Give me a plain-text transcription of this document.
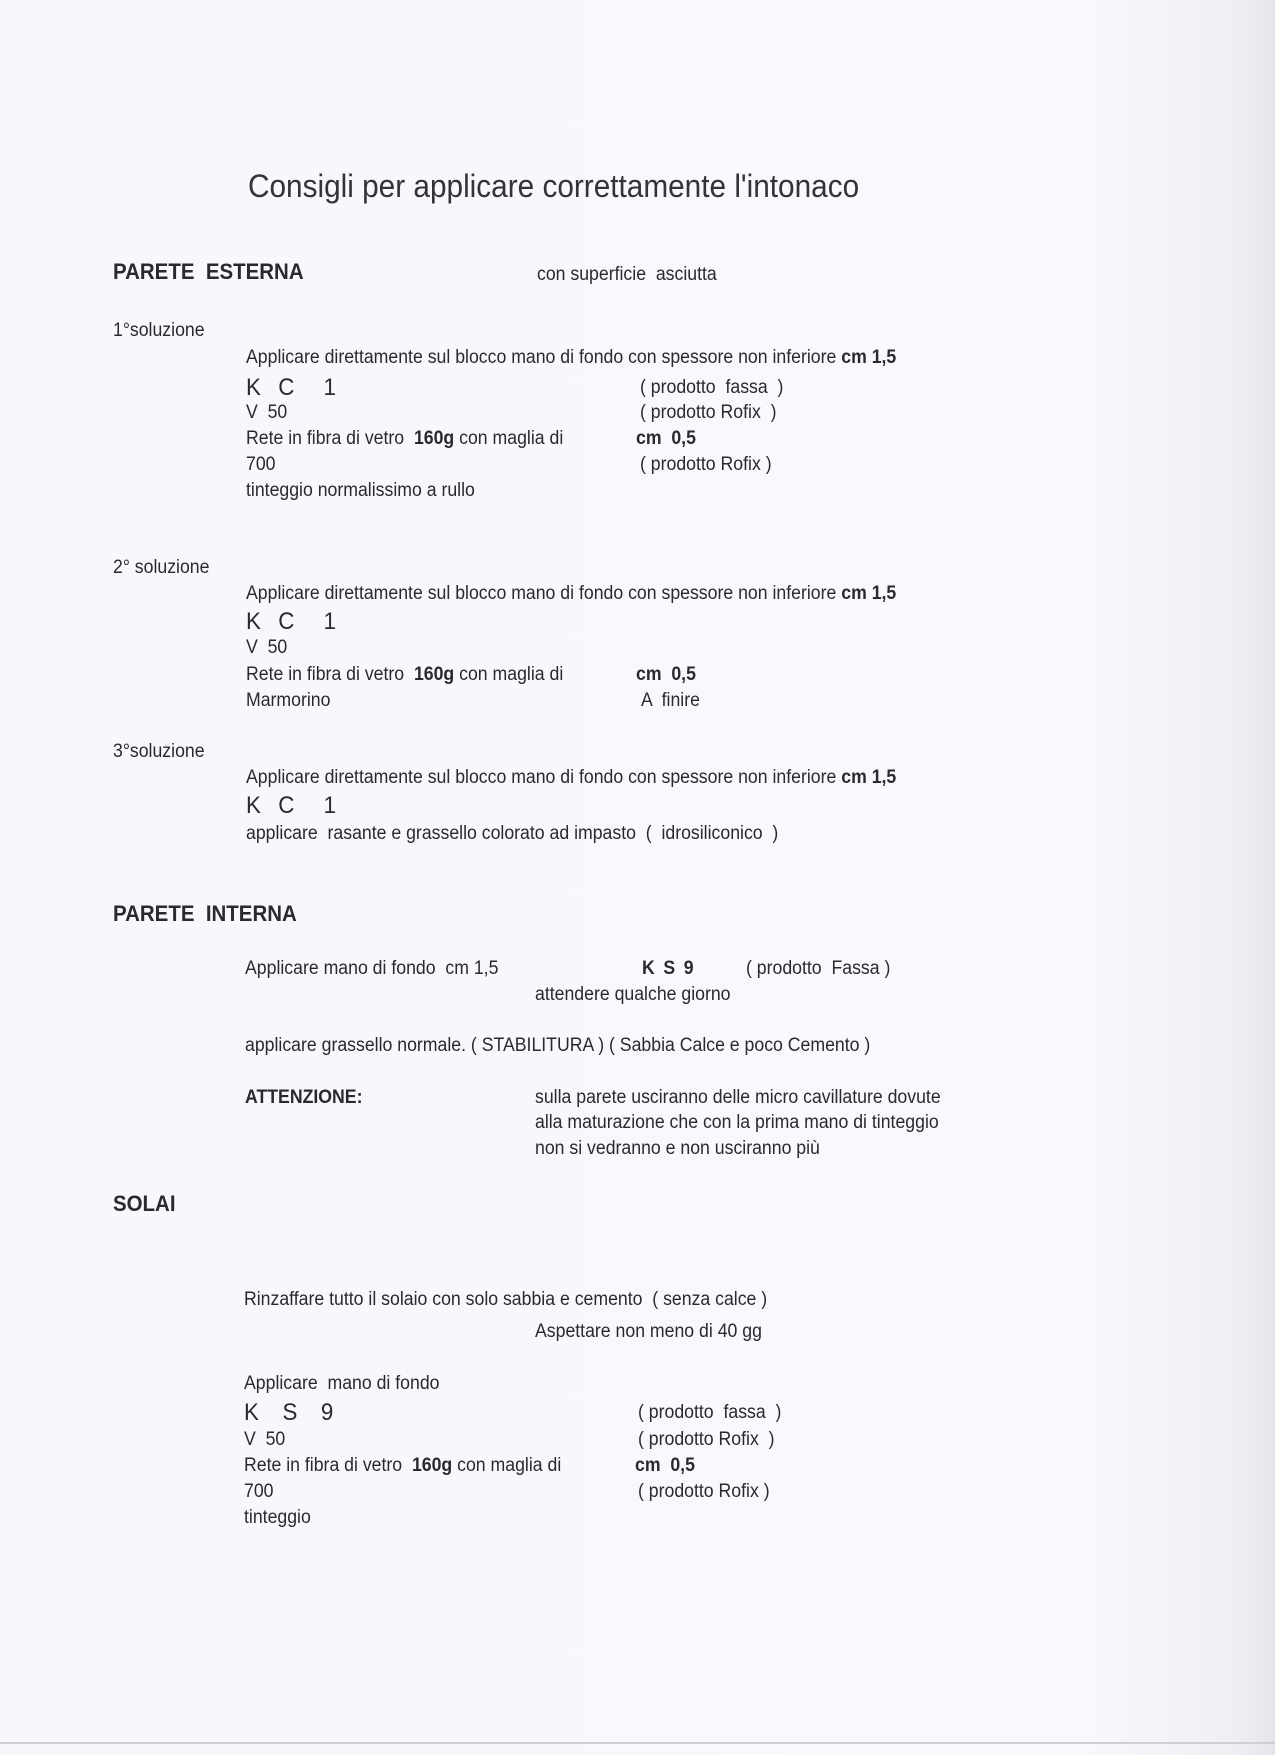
Consigli per applicare correttamente l'intonaco
PARETE  ESTERNA	con superficie  asciutta
1°soluzione
Applicare direttamente sul blocco mano di fondo con spessore non inferiore cm 1,5
K C  1	( prodotto  fassa  )
V  50	( prodotto Rofix  )
Rete in fibra di vetro  160g con maglia di	cm  0,5
700	( prodotto Rofix )
tinteggio normalissimo a rullo
2° soluzione
Applicare direttamente sul blocco mano di fondo con spessore non inferiore cm 1,5
K C  1
V  50
Rete in fibra di vetro  160g con maglia di	cm  0,5
Marmorino	A  finire
3°soluzione
Applicare direttamente sul blocco mano di fondo con spessore non inferiore cm 1,5
K C  1
applicare  rasante e grassello colorato ad impasto  (  idrosiliconico  )
PARETE  INTERNA
Applicare mano di fondo  cm 1,5	K S 9	( prodotto  Fassa )
attendere qualche giorno
applicare grassello normale. ( STABILITURA ) ( Sabbia Calce e poco Cemento )
ATTENZIONE:	sulla parete usciranno delle micro cavillature dovute
alla maturazione che con la prima mano di tinteggio
non si vedranno e non usciranno più
SOLAI
Rinzaffare tutto il solaio con solo sabbia e cemento  ( senza calce )
Aspettare non meno di 40 gg
Applicare  mano di fondo
K  S  9	( prodotto  fassa  )
V  50	( prodotto Rofix  )
Rete in fibra di vetro  160g con maglia di	cm  0,5
700	( prodotto Rofix )
tinteggio
